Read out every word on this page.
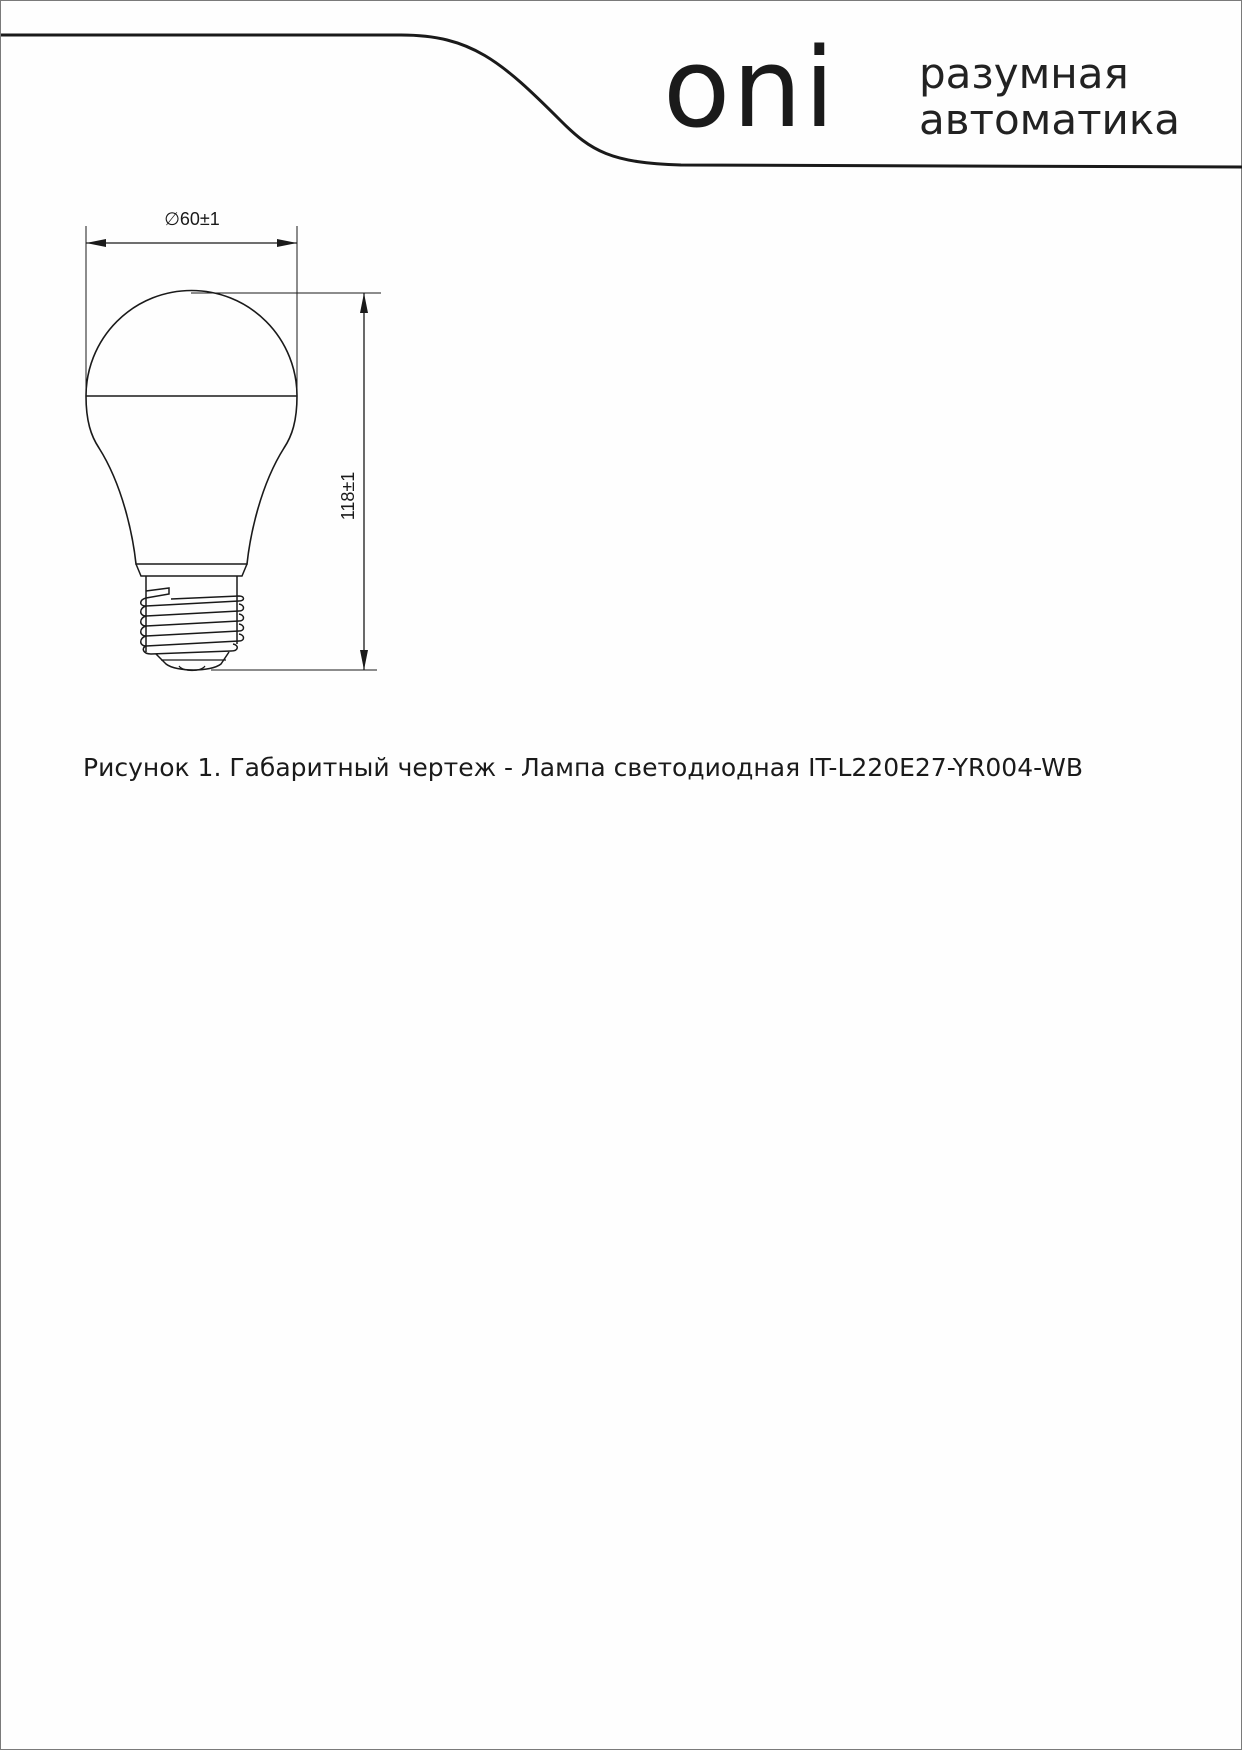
oni разумная
автоматика
∅60±1
118±1
Рисунок 1. Габаритный чертеж - Лампа светодиодная IT-L220E27-YR004-WB
